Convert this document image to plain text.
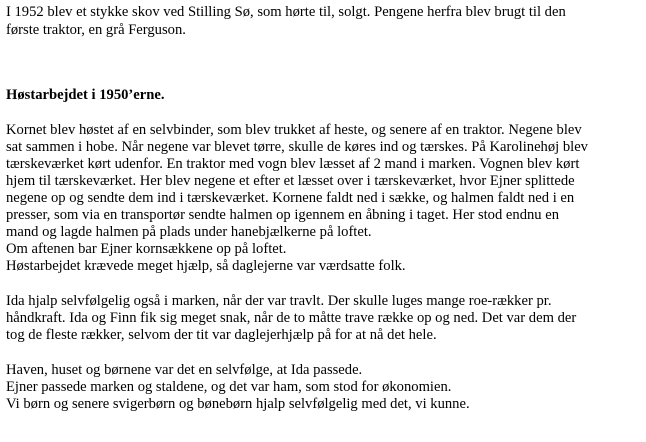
I 1952 blev et stykke skov ved Stilling Sø, som hørte til, solgt. Pengene herfra blev brugt til den
første traktor, en grå Ferguson.
Høstarbejdet i 1950’erne.
Kornet blev høstet af en selvbinder, som blev trukket af heste, og senere af en traktor. Negene blev
sat sammen i hobe. Når negene var blevet tørre, skulle de køres ind og tærskes. På Karolinehøj blev
tærskeværket kørt udenfor. En traktor med vogn blev læsset af 2 mand i marken. Vognen blev kørt
hjem til tærskeværket. Her blev negene et efter et læsset over i tærskeværket, hvor Ejner splittede
negene op og sendte dem ind i tærskeværket. Kornene faldt ned i sække, og halmen faldt ned i en
presser, som via en transportør sendte halmen op igennem en åbning i taget. Her stod endnu en
mand og lagde halmen på plads under hanebjælkerne på loftet.
Om aftenen bar Ejner kornsækkene op på loftet.
Høstarbejdet krævede meget hjælp, så daglejerne var værdsatte folk.
Ida hjalp selvfølgelig også i marken, når der var travlt. Der skulle luges mange roe-rækker pr.
håndkraft. Ida og Finn fik sig meget snak, når de to måtte trave række op og ned. Det var dem der
tog de fleste rækker, selvom der tit var daglejerhjælp på for at nå det hele.
Haven, huset og børnene var det en selvfølge, at Ida passede.
Ejner passede marken og staldene, og det var ham, som stod for økonomien.
Vi børn og senere svigerbørn og bønebørn hjalp selvfølgelig med det, vi kunne.
